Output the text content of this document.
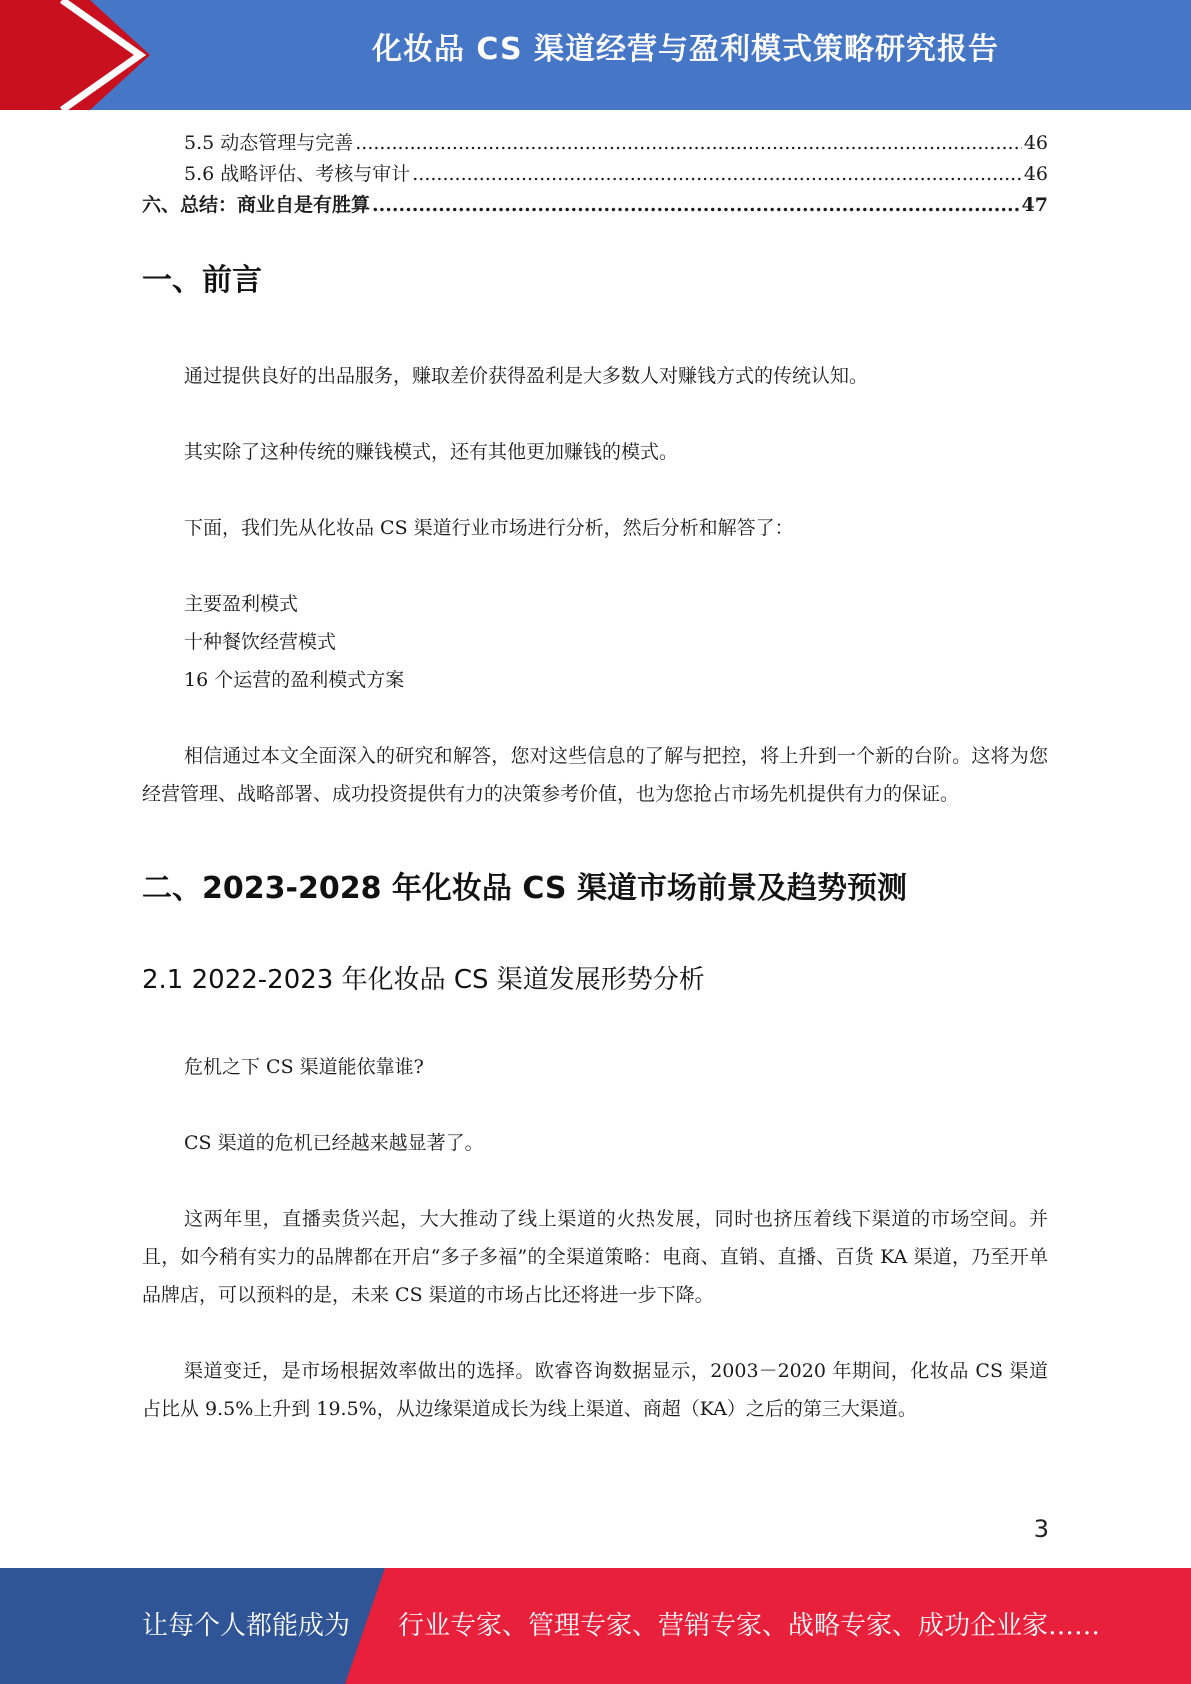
化妆品 CS 渠道经营与盈利模式策略研究报告
5.5 动态管理与完善 .....	46
5.6 战略评估、考核与审计 .....	46
六、总结：商业自是有胜算 .....	47
一、前言

通过提供良好的出品服务，赚取差价获得盈利是大多数人对赚钱方式的传统认知。

其实除了这种传统的赚钱模式，还有其他更加赚钱的模式。

下面，我们先从化妆品 CS 渠道行业市场进行分析，然后分析和解答了：

主要盈利模式

十种餐饮经营模式

16 个运营的盈利模式方案

相信通过本文全面深入的研究和解答，您对这些信息的了解与把控，将上升到一个新的台阶。这将为您经营管理、战略部署、成功投资提供有力的决策参考价值，也为您抢占市场先机提供有力的保证。

二、2023-2028 年化妆品 CS 渠道市场前景及趋势预测
2.1 2022-2023 年化妆品 CS 渠道发展形势分析

危机之下 CS 渠道能依靠谁?

CS 渠道的危机已经越来越显著了。

这两年里，直播卖货兴起，大大推动了线上渠道的火热发展，同时也挤压着线下渠道的市场空间。并且，如今稍有实力的品牌都在开启“多子多福”的全渠道策略：电商、直销、直播、百货 KA 渠道，乃至开单品牌店，可以预料的是，未来 CS 渠道的市场占比还将进一步下降。

渠道变迁，是市场根据效率做出的选择。欧睿咨询数据显示，2003－2020 年期间，化妆品 CS 渠道占比从 9.5%上升到 19.5%，从边缘渠道成长为线上渠道、商超（KA）之后的第三大渠道。

3
让每个人都能成为 行业专家、管理专家、营销专家、战略专家、成功企业家……
